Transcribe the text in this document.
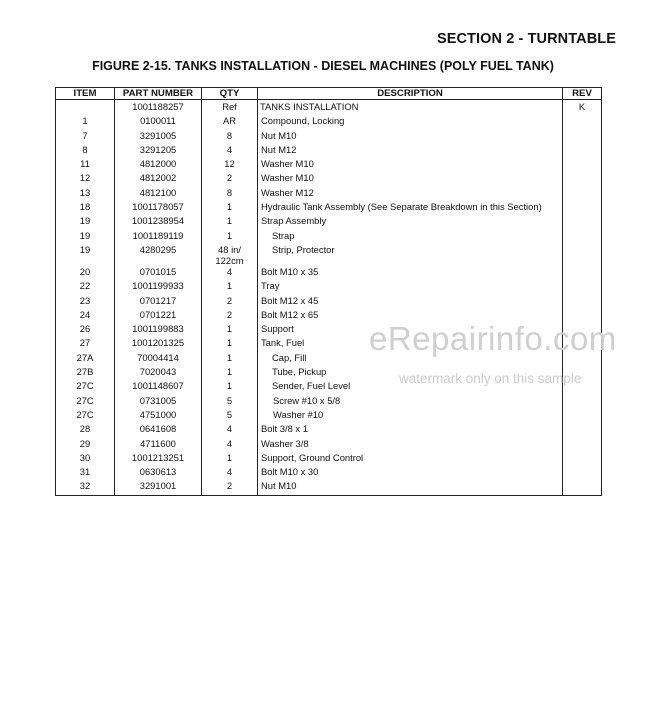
SECTION 2 - TURNTABLE
FIGURE 2-15. TANKS INSTALLATION - DIESEL MACHINES (POLY FUEL TANK)
ITEM	PART NUMBER	QTY	DESCRIPTION	REV
	1001188257	Ref	TANKS INSTALLATION	K
1	0100011	AR	Compound, Locking	
7	3291005	8	Nut M10	
8	3291205	4	Nut M12	
11	4812000	12	Washer M10	
12	4812002	2	Washer M10	
13	4812100	8	Washer M12	
18	1001178057	1	Hydraulic Tank Assembly (See Separate Breakdown in this Section)	
19	1001238954	1	Strap Assembly	
19	1001189119	1	Strap	
19	4280295	48 in/ 122cm	Strip, Protector	
20	0701015	4	Bolt M10 x 35	
22	1001199933	1	Tray	
23	0701217	2	Bolt M12 x 45	
24	0701221	2	Bolt M12 x 65	
26	1001199883	1	Support	
27	1001201325	1	Tank, Fuel	
27A	70004414	1	Cap, Fill	
27B	7020043	1	Tube, Pickup	
27C	1001148607	1	Sender, Fuel Level	
27C	0731005	5	Screw #10 x 5/8	
27C	4751000	5	Washer #10	
28	0641608	4	Bolt 3/8 x 1	
29	4711600	4	Washer 3/8	
30	1001213251	1	Support, Ground Control	
31	0630613	4	Bolt M10 x 30	
32	3291001	2	Nut M10	
eRepairinfo.com
watermark only on this sample
